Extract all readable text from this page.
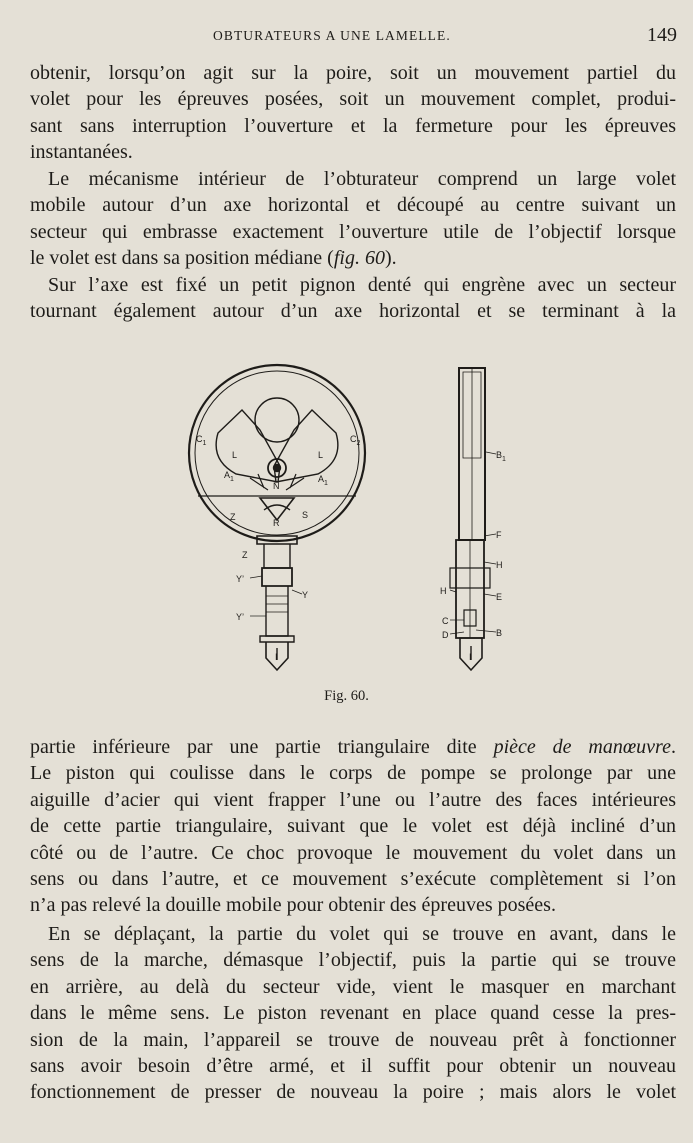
OBTURATEURS A UNE LAMELLE.	149
obtenir, lorsqu’on agit sur la poire, soit un mouvement partiel du
volet pour les épreuves posées, soit un mouvement complet, produi-
sant sans interruption l’ouverture et la fermeture pour les épreuves
instantanées.
Le mécanisme intérieur de l’obturateur comprend un large volet
mobile autour d’un axe horizontal et découpé au centre suivant un
secteur qui embrasse exactement l’ouverture utile de l’objectif lorsque
le volet est dans sa position médiane (fig. 60).
Sur l’axe est fixé un petit pignon denté qui engrène avec un secteur
tournant également autour d’un axe horizontal et se terminant à la
$C_1$	$C_2$
L	L
$A_1$	$A_1$
N
Z
R
S
Z
Y’
Y
Y’
I
$B_1$
F
H
H
E
C
D	B
I
Fig. 60.
partie inférieure par une partie triangulaire dite pièce de manœuvre.
Le piston qui coulisse dans le corps de pompe se prolonge par une
aiguille d’acier qui vient frapper l’une ou l’autre des faces intérieures
de cette partie triangulaire, suivant que le volet est déjà incliné d’un
côté ou de l’autre. Ce choc provoque le mouvement du volet dans un
sens ou dans l’autre, et ce mouvement s’exécute complètement si l’on
n’a pas relevé la douille mobile pour obtenir des épreuves posées.
En se déplaçant, la partie du volet qui se trouve en avant, dans le
sens de la marche, démasque l’objectif, puis la partie qui se trouve
en arrière, au delà du secteur vide, vient le masquer en marchant
dans le même sens. Le piston revenant en place quand cesse la pres-
sion de la main, l’appareil se trouve de nouveau prêt à fonctionner
sans avoir besoin d’être armé, et il suffit pour obtenir un nouveau
fonctionnement de presser de nouveau la poire ; mais alors le volet
